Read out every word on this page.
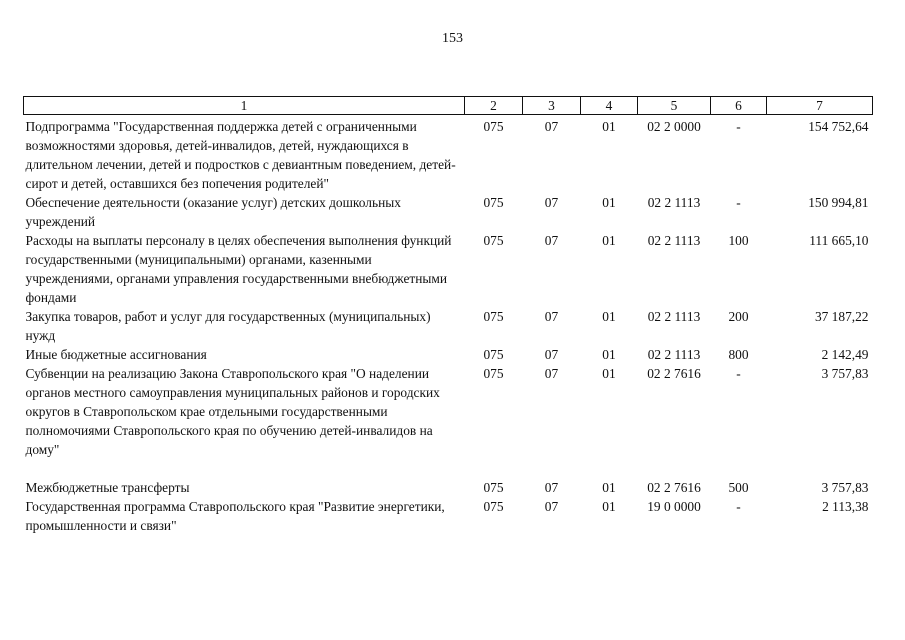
153
1	2	3	4	5	6	7
Подпрограмма "Государственная поддержка детей с ограниченными возможностями здоровья, детей-инвалидов, детей, нуждающихся в длительном лечении, детей и подростков с девиантным поведением, детей-сирот и детей, оставшихся без попечения родителей"	075	07	01	02 2 0000	-	154 752,64

Обеспечение деятельности (оказание услуг) детских дошкольных учреждений	075	07	01	02 2 1113	-	150 994,81
Расходы на выплаты персоналу в целях обеспечения выполнения функций государственными (муниципальными) органами, казенными учреждениями, органами управления государственными внебюджетными фондами	075	07	01	02 2 1113	100	111 665,10
Закупка товаров, работ и услуг для государственных (муниципальных) нужд	075	07	01	02 2 1113	200	37 187,22
Иные бюджетные ассигнования	075	07	01	02 2 1113	800	2 142,49
Субвенции на реализацию Закона Ставропольского края "О наделении органов местного самоуправления муниципальных районов и городских округов в Ставропольском крае отдельными государственными полномочиями Ставропольского края по обучению детей-инвалидов на дому"	075	07	01	02 2 7616	-	3 757,83

Межбюджетные трансферты	075	07	01	02 2 7616	500	3 757,83
Государственная программа Ставропольского края "Развитие энергетики, промышленности и связи"	075	07	01	19 0 0000	-	2 113,38
